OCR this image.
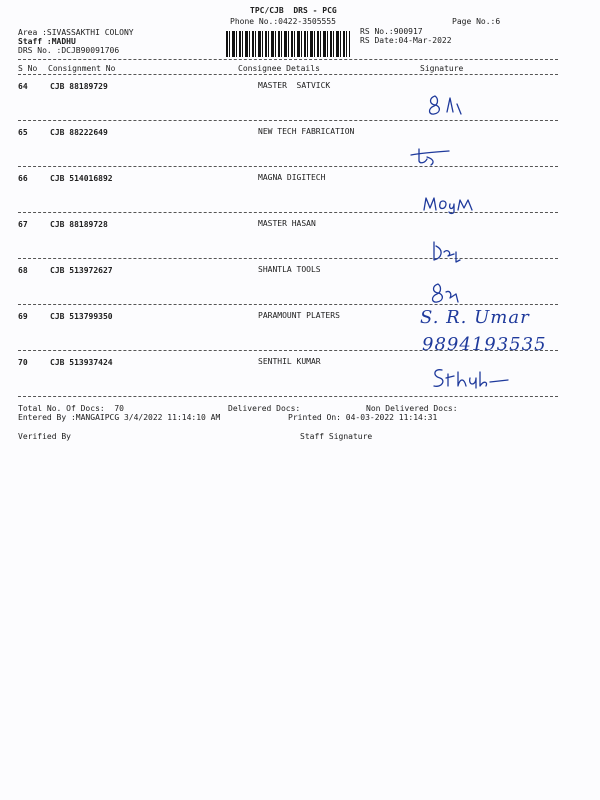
TPC/CJB  DRS - PCG
Phone No.:0422-3505555	Page No.:6
Area :SIVASSAKTHI COLONY
Staff :MADHU
DRS No. :DCJB90091706
RS No.:900917
RS Date:04-Mar-2022
S No Consignment No	Consignee Details	Signature
64	CJB 88189729	MASTER  SATVICK
65	CJB 88222649	NEW TECH FABRICATION
66	CJB 514016892	MAGNA DIGITECH
67	CJB 88189728	MASTER HASAN
68	CJB 513972627	SHANTLA TOOLS
69	CJB 513799350	PARAMOUNT PLATERS
70	CJB 513937424	SENTHIL KUMAR
S. R. Umar
9894193535
Total No. Of Docs:  70	Delivered Docs:	Non Delivered Docs:
Entered By :MANGAIPCG 3/4/2022 11:14:10 AM	Printed On: 04-03-2022 11:14:31
Verified By	Staff Signature
